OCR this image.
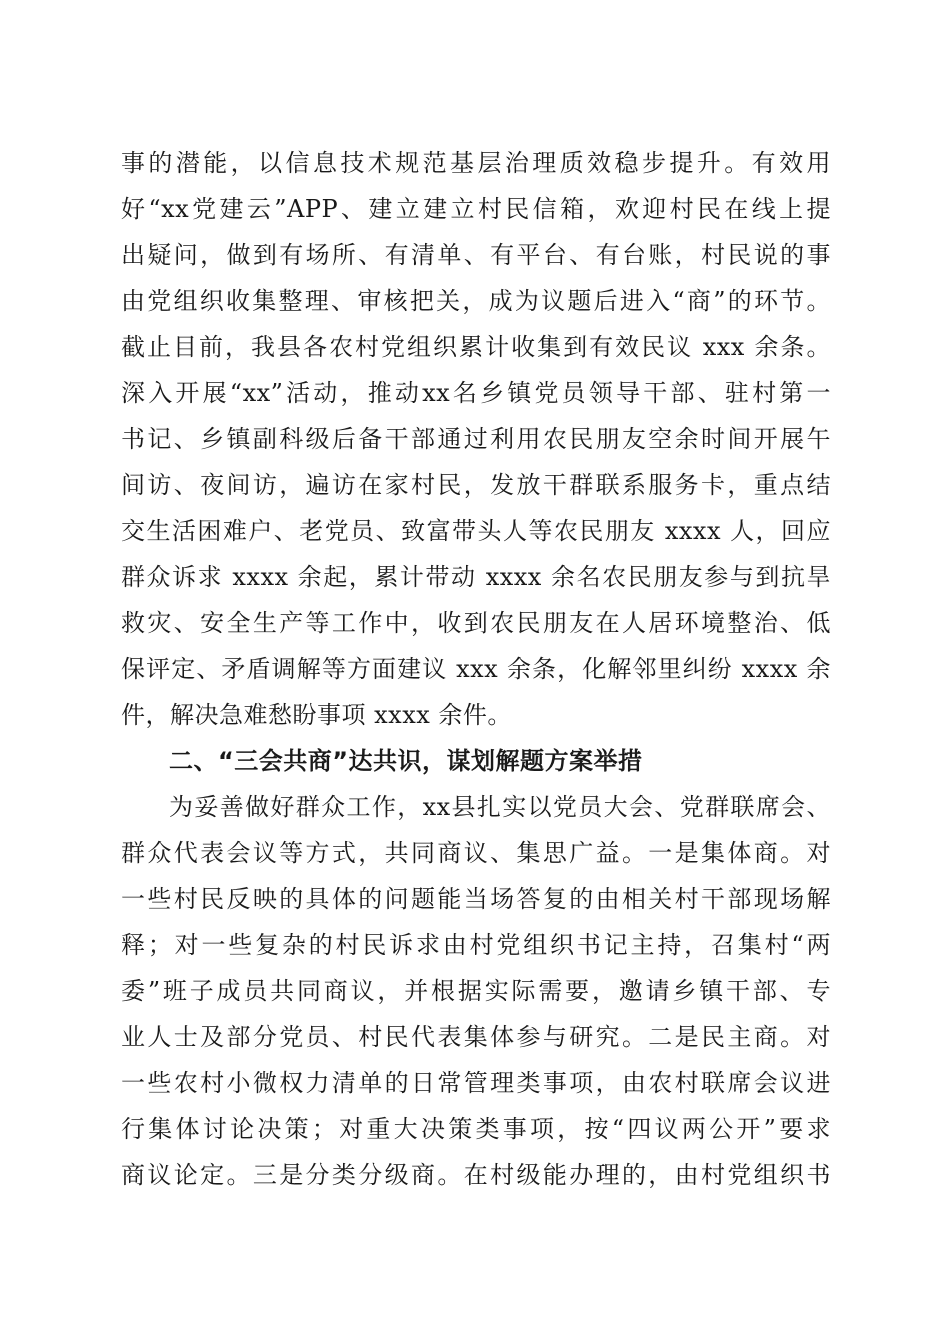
事的潜能，以信息技术规范基层治理质效稳步提升。有效用
好“xx党建云”APP、建立建立村民信箱，欢迎村民在线上提
出疑问，做到有场所、有清单、有平台、有台账，村民说的事
由党组织收集整理、审核把关，成为议题后进入“商”的环节。
截止目前，我县各农村党组织累计收集到有效民议 xxx 余条。
深入开展“xx”活动，推动xx名乡镇党员领导干部、驻村第一
书记、乡镇副科级后备干部通过利用农民朋友空余时间开展午
间访、夜间访，遍访在家村民，发放干群联系服务卡，重点结
交生活困难户、老党员、致富带头人等农民朋友 xxxx 人，回应
群众诉求 xxxx 余起，累计带动 xxxx 余名农民朋友参与到抗旱
救灾、安全生产等工作中，收到农民朋友在人居环境整治、低
保评定、矛盾调解等方面建议 xxx 余条，化解邻里纠纷 xxxx 余
件，解决急难愁盼事项 xxxx 余件。
二、“三会共商”达共识，谋划解题方案举措
为妥善做好群众工作，xx县扎实以党员大会、党群联席会、
群众代表会议等方式，共同商议、集思广益。一是集体商。对
一些村民反映的具体的问题能当场答复的由相关村干部现场解
释；对一些复杂的村民诉求由村党组织书记主持，召集村“两
委”班子成员共同商议，并根据实际需要，邀请乡镇干部、专
业人士及部分党员、村民代表集体参与研究。二是民主商。对
一些农村小微权力清单的日常管理类事项，由农村联席会议进
行集体讨论决策；对重大决策类事项，按“四议两公开”要求
商议论定。三是分类分级商。在村级能办理的，由村党组织书
